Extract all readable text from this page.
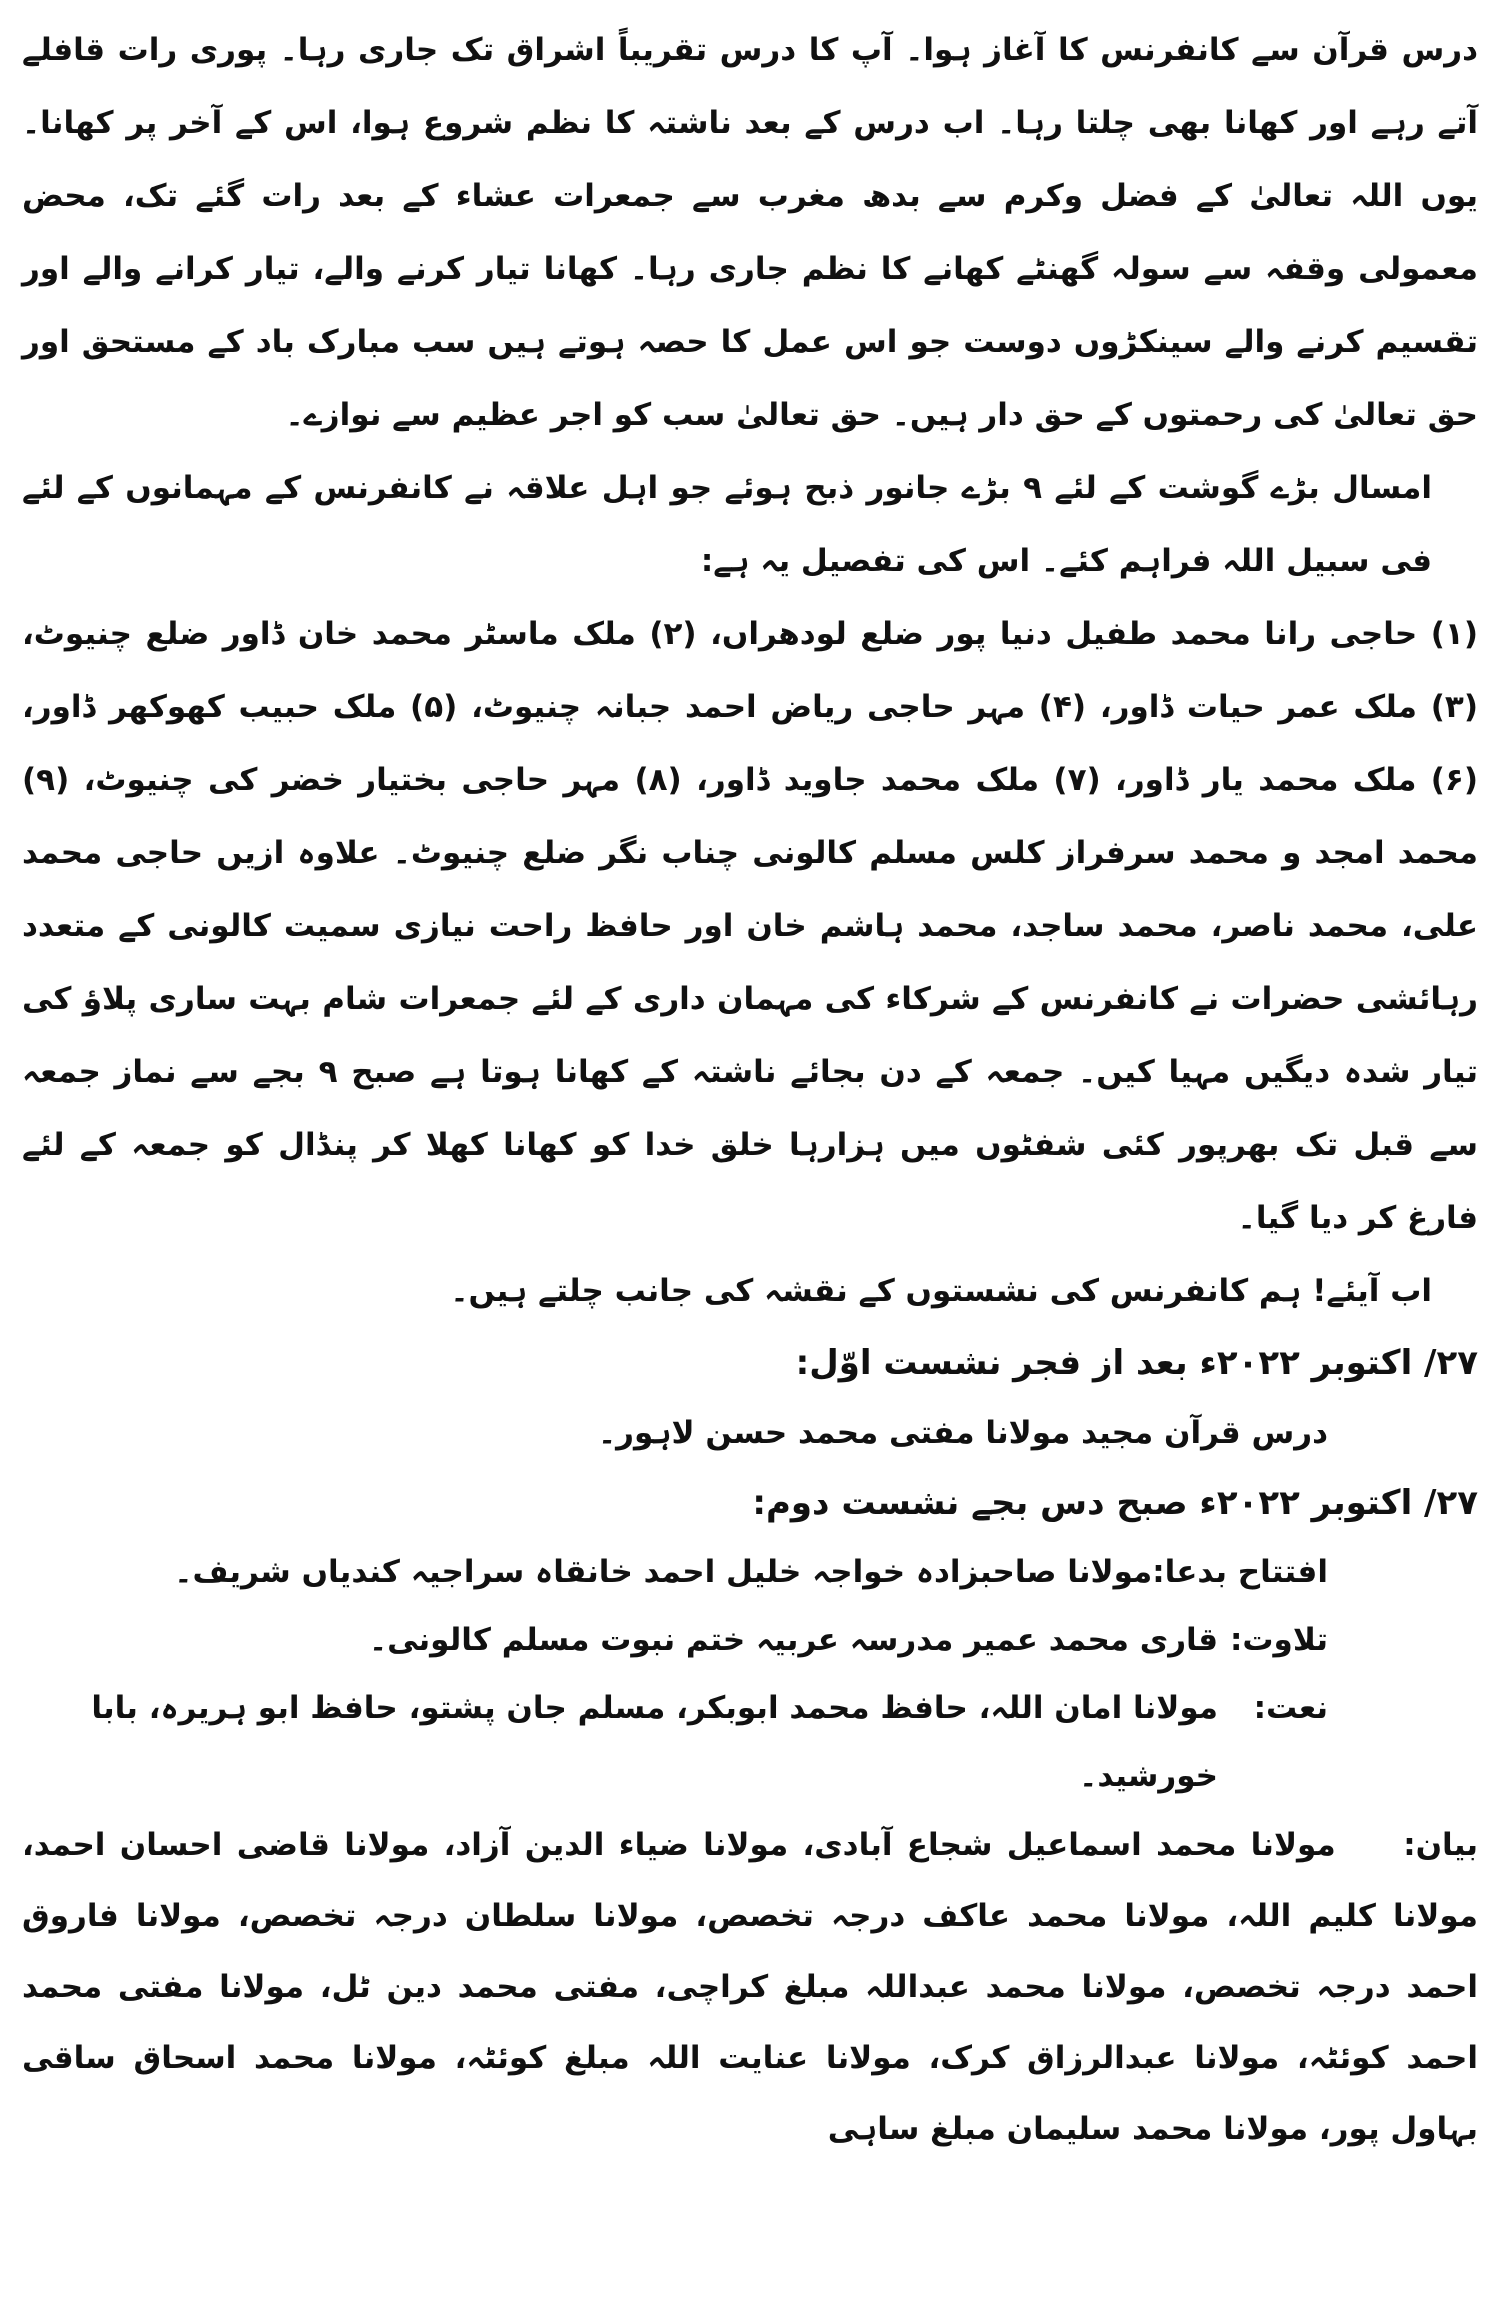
درس قرآن سے کانفرنس کا آغاز ہوا۔ آپ کا درس تقریباً اشراق تک جاری رہا۔ پوری رات قافلے آتے رہے اور کھانا بھی چلتا رہا۔ اب درس کے بعد ناشتہ کا نظم شروع ہوا، اس کے آخر پر کھانا۔ یوں اللہ تعالیٰ کے فضل وکرم سے بدھ مغرب سے جمعرات عشاء کے بعد رات گئے تک، محض معمولی وقفہ سے سولہ گھنٹے کھانے کا نظم جاری رہا۔ کھانا تیار کرنے والے، تیار کرانے والے اور تقسیم کرنے والے سینکڑوں دوست جو اس عمل کا حصہ ہوتے ہیں سب مبارک باد کے مستحق اور حق تعالیٰ کی رحمتوں کے حق دار ہیں۔ حق تعالیٰ سب کو اجر عظیم سے نوازے۔

امسال بڑے گوشت کے لئے ۹ بڑے جانور ذبح ہوئے جو اہل علاقہ نے کانفرنس کے مہمانوں کے لئے فی سبیل اللہ فراہم کئے۔ اس کی تفصیل یہ ہے:

(۱) حاجی رانا محمد طفیل دنیا پور ضلع لودھراں، (۲) ملک ماسٹر محمد خان ڈاور ضلع چنیوٹ، (۳) ملک عمر حیات ڈاور، (۴) مہر حاجی ریاض احمد جبانہ چنیوٹ، (۵) ملک حبیب کھوکھر ڈاور، (۶) ملک محمد یار ڈاور، (۷) ملک محمد جاوید ڈاور، (۸) مہر حاجی بختیار خضر کی چنیوٹ، (۹) محمد امجد و محمد سرفراز کلس مسلم کالونی چناب نگر ضلع چنیوٹ۔ علاوہ ازیں حاجی محمد علی، محمد ناصر، محمد ساجد، محمد ہاشم خان اور حافظ راحت نیازی سمیت کالونی کے متعدد رہائشی حضرات نے کانفرنس کے شرکاء کی مہمان داری کے لئے جمعرات شام بہت ساری پلاؤ کی تیار شدہ دیگیں مہیا کیں۔ جمعہ کے دن بجائے ناشتہ کے کھانا ہوتا ہے صبح ۹ بجے سے نماز جمعہ سے قبل تک بھرپور کئی شفٹوں میں ہزارہا خلق خدا کو کھانا کھلا کر پنڈال کو جمعہ کے لئے فارغ کر دیا گیا۔

اب آیئے! ہم کانفرنس کی نشستوں کے نقشہ کی جانب چلتے ہیں۔

۲۷/ اکتوبر ۲۰۲۲ء بعد از فجر نشست اوّل:

درس قرآن مجید مولانا مفتی محمد حسن لاہور۔

۲۷/ اکتوبر ۲۰۲۲ء صبح دس بجے نشست دوم:

افتتاح بدعا:
مولانا صاحبزادہ خواجہ خلیل احمد خانقاہ سراجیہ کندیاں شریف۔
تلاوت:
قاری محمد عمیر مدرسہ عربیہ ختم نبوت مسلم کالونی۔
نعت:
مولانا امان اللہ، حافظ محمد ابوبکر، مسلم جان پشتو، حافظ ابو ہریرہ، بابا خورشید۔

بیان: مولانا محمد اسماعیل شجاع آبادی، مولانا ضیاء الدین آزاد، مولانا قاضی احسان احمد، مولانا کلیم اللہ، مولانا محمد عاکف درجہ تخصص، مولانا سلطان درجہ تخصص، مولانا فاروق احمد درجہ تخصص، مولانا محمد عبداللہ مبلغ کراچی، مفتی محمد دین ٹل، مولانا مفتی محمد احمد کوئٹہ، مولانا عبدالرزاق کرک، مولانا عنایت اللہ مبلغ کوئٹہ، مولانا محمد اسحاق ساقی بہاول پور، مولانا محمد سلیمان مبلغ ساہی
